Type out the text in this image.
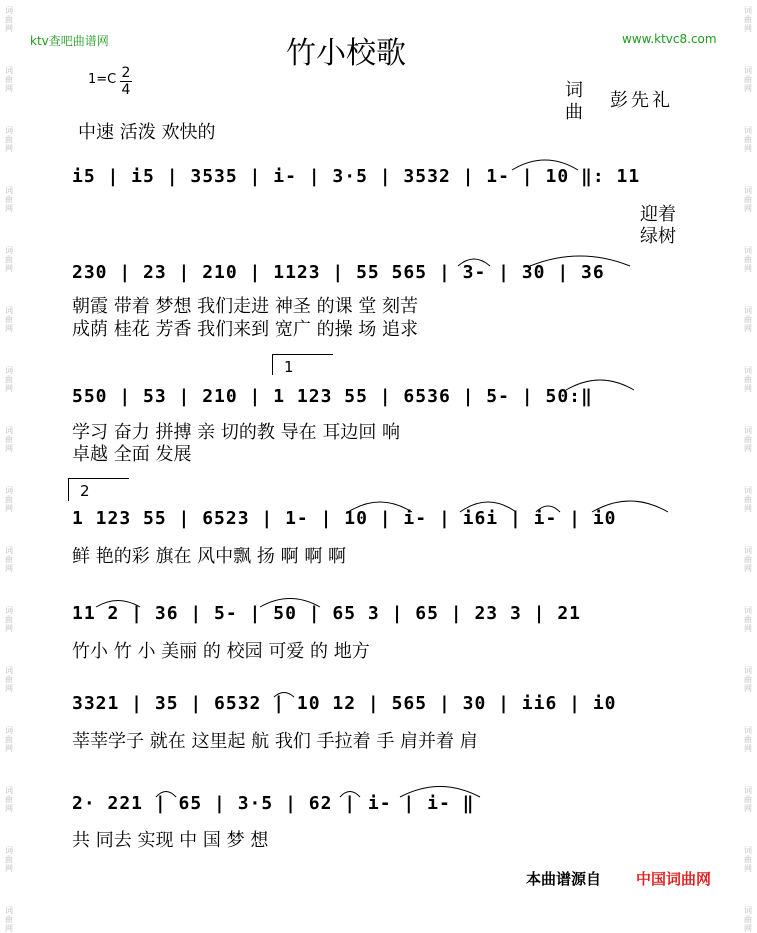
词曲网
词曲网
词曲网
词曲网
词曲网
词曲网
词曲网
词曲网
词曲网
词曲网
词曲网
词曲网
词曲网
词曲网
词曲网
词曲网
词曲网
词曲网
词曲网
词曲网
词曲网
词曲网
词曲网
词曲网
词曲网
词曲网
词曲网
词曲网
词曲网
词曲网
词曲网
词曲网
ktv查吧曲谱网	www.ktvc8.com
竹小校歌
1=C 2
4	词
曲
彭先礼
中速 活泼 欢快的
i5 | i5 | 3535 | i- | 3·5 | 3532 | 1- | 10 ‖: 11
230 | 23 | 210 | 1123 | 55 565 | 3- | 30 | 36
550 | 53 | 210 | 1 123 55 | 6536 | 5- | 50:‖
1 123 55 | 6523 | 1- | 10 | i- | i6i | i- | i0
11 2 | 36 | 5- | 50 | 65 3 | 65 | 23 3 | 21
3321 | 35 | 6532 | 10 12 | 565 | 30 | ii6 | i0
2· 221 | 65 | 3·5 | 62 | i- | i- ‖
迎着
绿树
朝霞 带着 梦想 我们走进 神圣 的课 堂 刻苦
成荫 桂花 芳香 我们来到 宽广 的操 场 追求
学习 奋力 拼搏 亲 切的教 导在 耳边回 响
卓越 全面 发展
鲜 艳的彩 旗在 风中飘 扬 啊 啊 啊
竹小 竹 小 美丽 的 校园 可爱 的 地方
莘莘学子 就在 这里起 航 我们 手拉着 手 肩并着 肩
共 同去 实现 中 国 梦 想
1
2
本曲谱源自 中国词曲网
